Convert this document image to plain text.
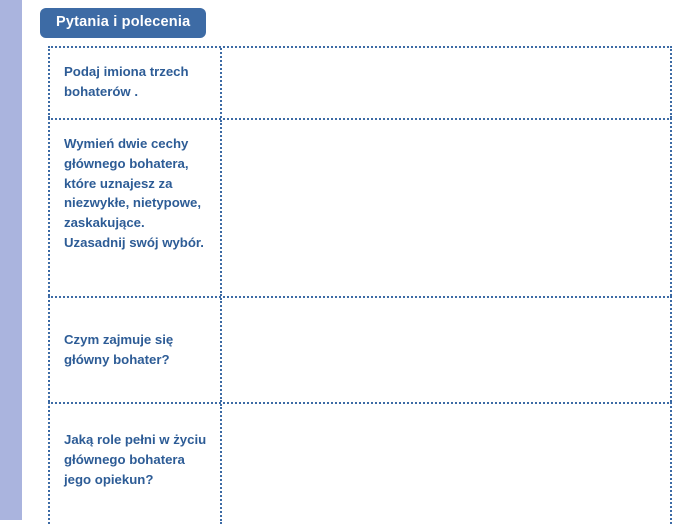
Pytania i polecenia
Podaj imiona trzech bohaterów .
Wymień dwie cechy głównego bohatera, które uznajesz za niezwykłe, nietypowe, zaskakujące. Uzasadnij swój wybór.
Czym zajmuje się główny bohater?
Jaką role pełni w życiu głównego bohatera jego opiekun?
